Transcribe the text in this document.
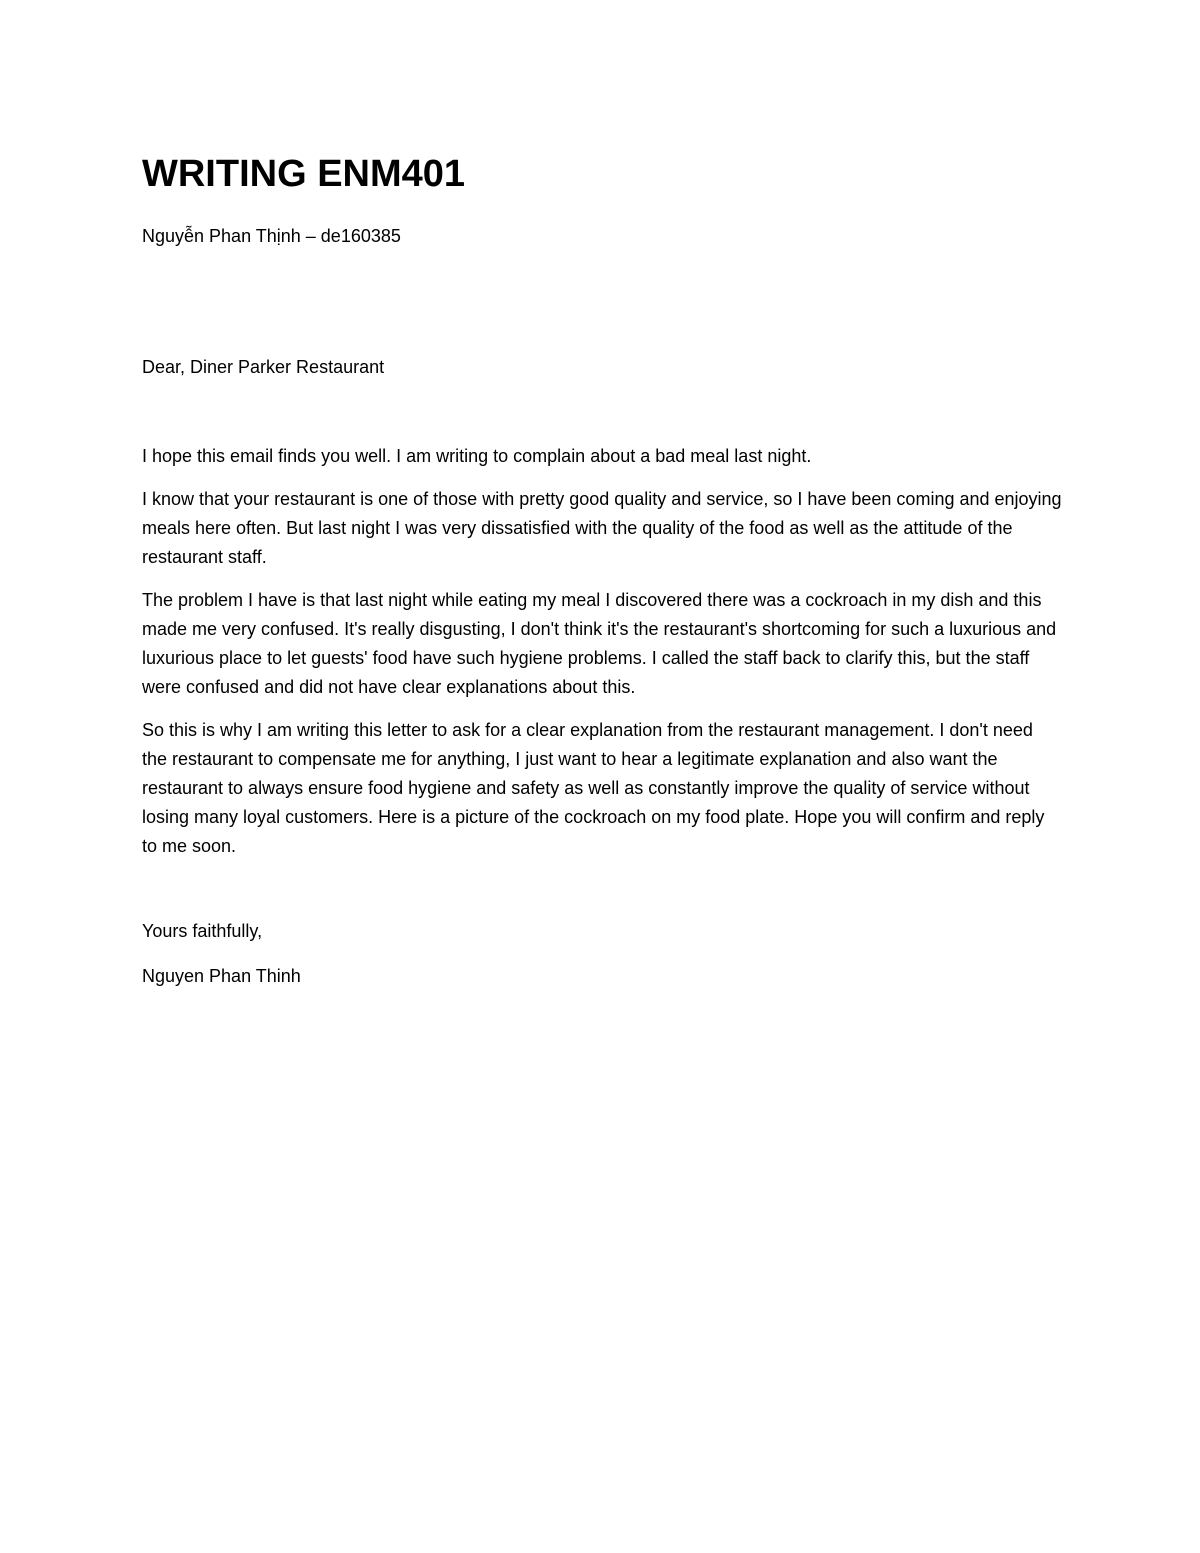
WRITING ENM401

Nguyễn Phan Thịnh – de160385

Dear, Diner Parker Restaurant

I hope this email finds you well. I am writing to complain about a bad meal last night.

I know that your restaurant is one of those with pretty good quality and service, so I have been coming and enjoying meals here often. But last night I was very dissatisfied with the quality of the food as well as the attitude of the restaurant staff.

The problem I have is that last night while eating my meal I discovered there was a cockroach in my dish and this made me very confused. It's really disgusting, I don't think it's the restaurant's shortcoming for such a luxurious and luxurious place to let guests' food have such hygiene problems. I called the staff back to clarify this, but the staff were confused and did not have clear explanations about this.

So this is why I am writing this letter to ask for a clear explanation from the restaurant management. I don't need the restaurant to compensate me for anything, I just want to hear a legitimate explanation and also want the restaurant to always ensure food hygiene and safety as well as constantly improve the quality of service without losing many loyal customers. Here is a picture of the cockroach on my food plate. Hope you will confirm and reply to me soon.

Yours faithfully,

Nguyen Phan Thinh
